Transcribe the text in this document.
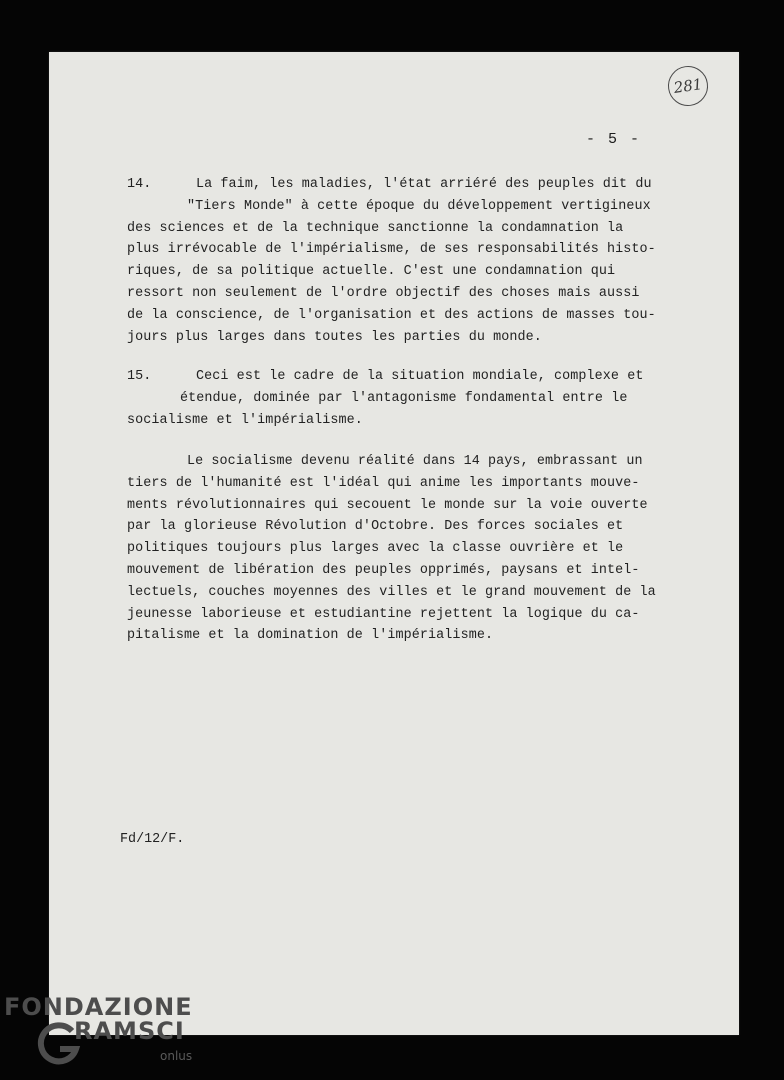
281
- 5 -
14.	La faim, les maladies, l'état arriéré des peuples dit du
"Tiers Monde" à cette époque du développement vertigineux
des sciences et de la technique sanctionne la condamnation la
plus irrévocable de l'impérialisme, de ses responsabilités histo-
riques, de sa politique actuelle. C'est une condamnation qui
ressort non seulement de l'ordre objectif des choses mais aussi
de la conscience, de l'organisation et des actions de masses tou-
jours plus larges dans toutes les parties du monde.
15.	Ceci est le cadre de la situation mondiale, complexe et
étendue, dominée par l'antagonisme fondamental entre le
socialisme et l'impérialisme.
Le socialisme devenu réalité dans 14 pays, embrassant un
tiers de l'humanité est l'idéal qui anime les importants mouve-
ments révolutionnaires qui secouent le monde sur la voie ouverte
par la glorieuse Révolution d'Octobre. Des forces sociales et
politiques toujours plus larges avec la classe ouvrière et le
mouvement de libération des peuples opprimés, paysans et intel-
lectuels, couches moyennes des villes et le grand mouvement de la
jeunesse laborieuse et estudiantine rejettent la logique du ca-
pitalisme et la domination de l'impérialisme.
Fd/12/F.
FONDAZIONE
RAMSCI
onlus
